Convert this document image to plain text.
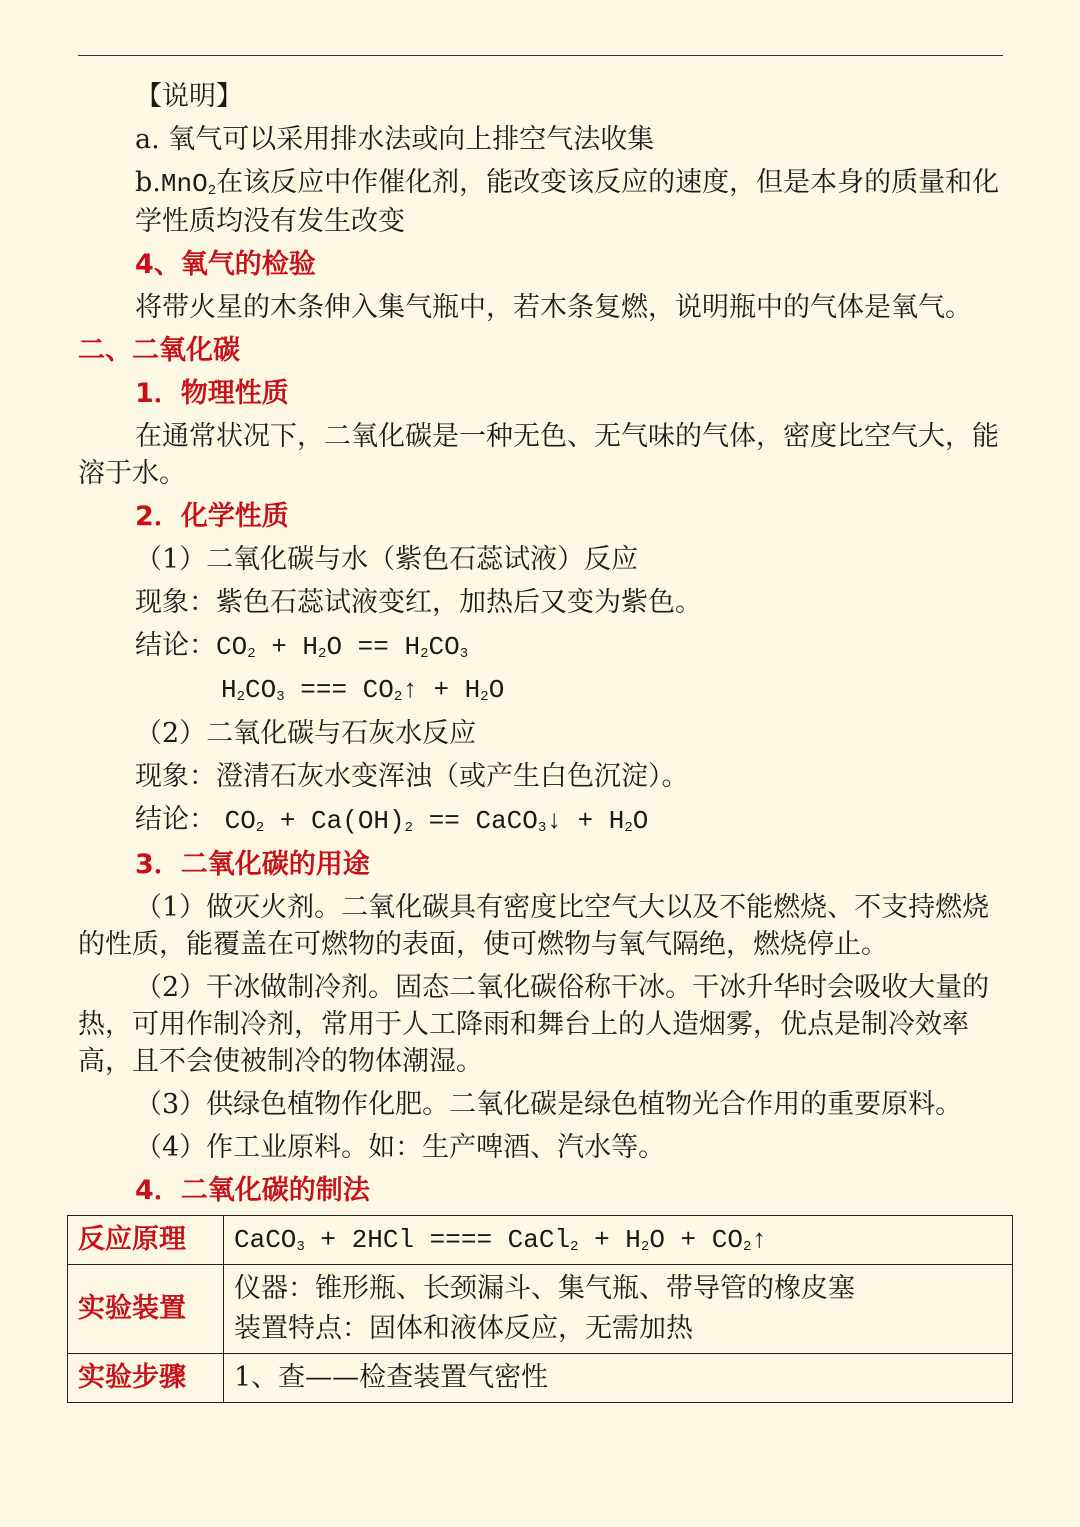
【说明】

a. 氧气可以采用排水法或向上排空气法收集

b.MnO$_2$在该反应中作催化剂，能改变该反应的速度，但是本身的质量和化学性质均没有发生改变

4、氧气的检验

将带火星的木条伸入集气瓶中，若木条复燃，说明瓶中的气体是氧气。

二、二氧化碳

1．物理性质

在通常状况下，二氧化碳是一种无色、无气味的气体，密度比空气大，能溶于水。

2．化学性质

（1）二氧化碳与水（紫色石蕊试液）反应

现象：紫色石蕊试液变红，加热后又变为紫色。

结论：$CO_2 + H_2O == H_2CO_3$

$H_2CO_3$ === $CO_2↑ + H_2O$

（2）二氧化碳与石灰水反应

现象：澄清石灰水变浑浊（或产生白色沉淀）。

结论： $CO_2 + Ca(OH)_2$ == CaCO$_3$↓ + $H_2O$

3．二氧化碳的用途

（1）做灭火剂。二氧化碳具有密度比空气大以及不能燃烧、不支持燃烧的性质，能覆盖在可燃物的表面，使可燃物与氧气隔绝，燃烧停止。

（2）干冰做制冷剂。固态二氧化碳俗称干冰。干冰升华时会吸收大量的热，可用作制冷剂，常用于人工降雨和舞台上的人造烟雾，优点是制冷效率高，且不会使被制冷的物体潮湿。

（3）供绿色植物作化肥。二氧化碳是绿色植物光合作用的重要原料。

（4）作工业原料。如：生产啤酒、汽水等。

4．二氧化碳的制法

反应原理	CaCO$_3$ + 2HCl ==== CaCl$_2$ + $H_2O$ + $CO_2↑$
实验装置	仪器：锥形瓶、长颈漏斗、集气瓶、带导管的橡皮塞
装置特点：固体和液体反应，无需加热

实验步骤	1、查——检查装置气密性
